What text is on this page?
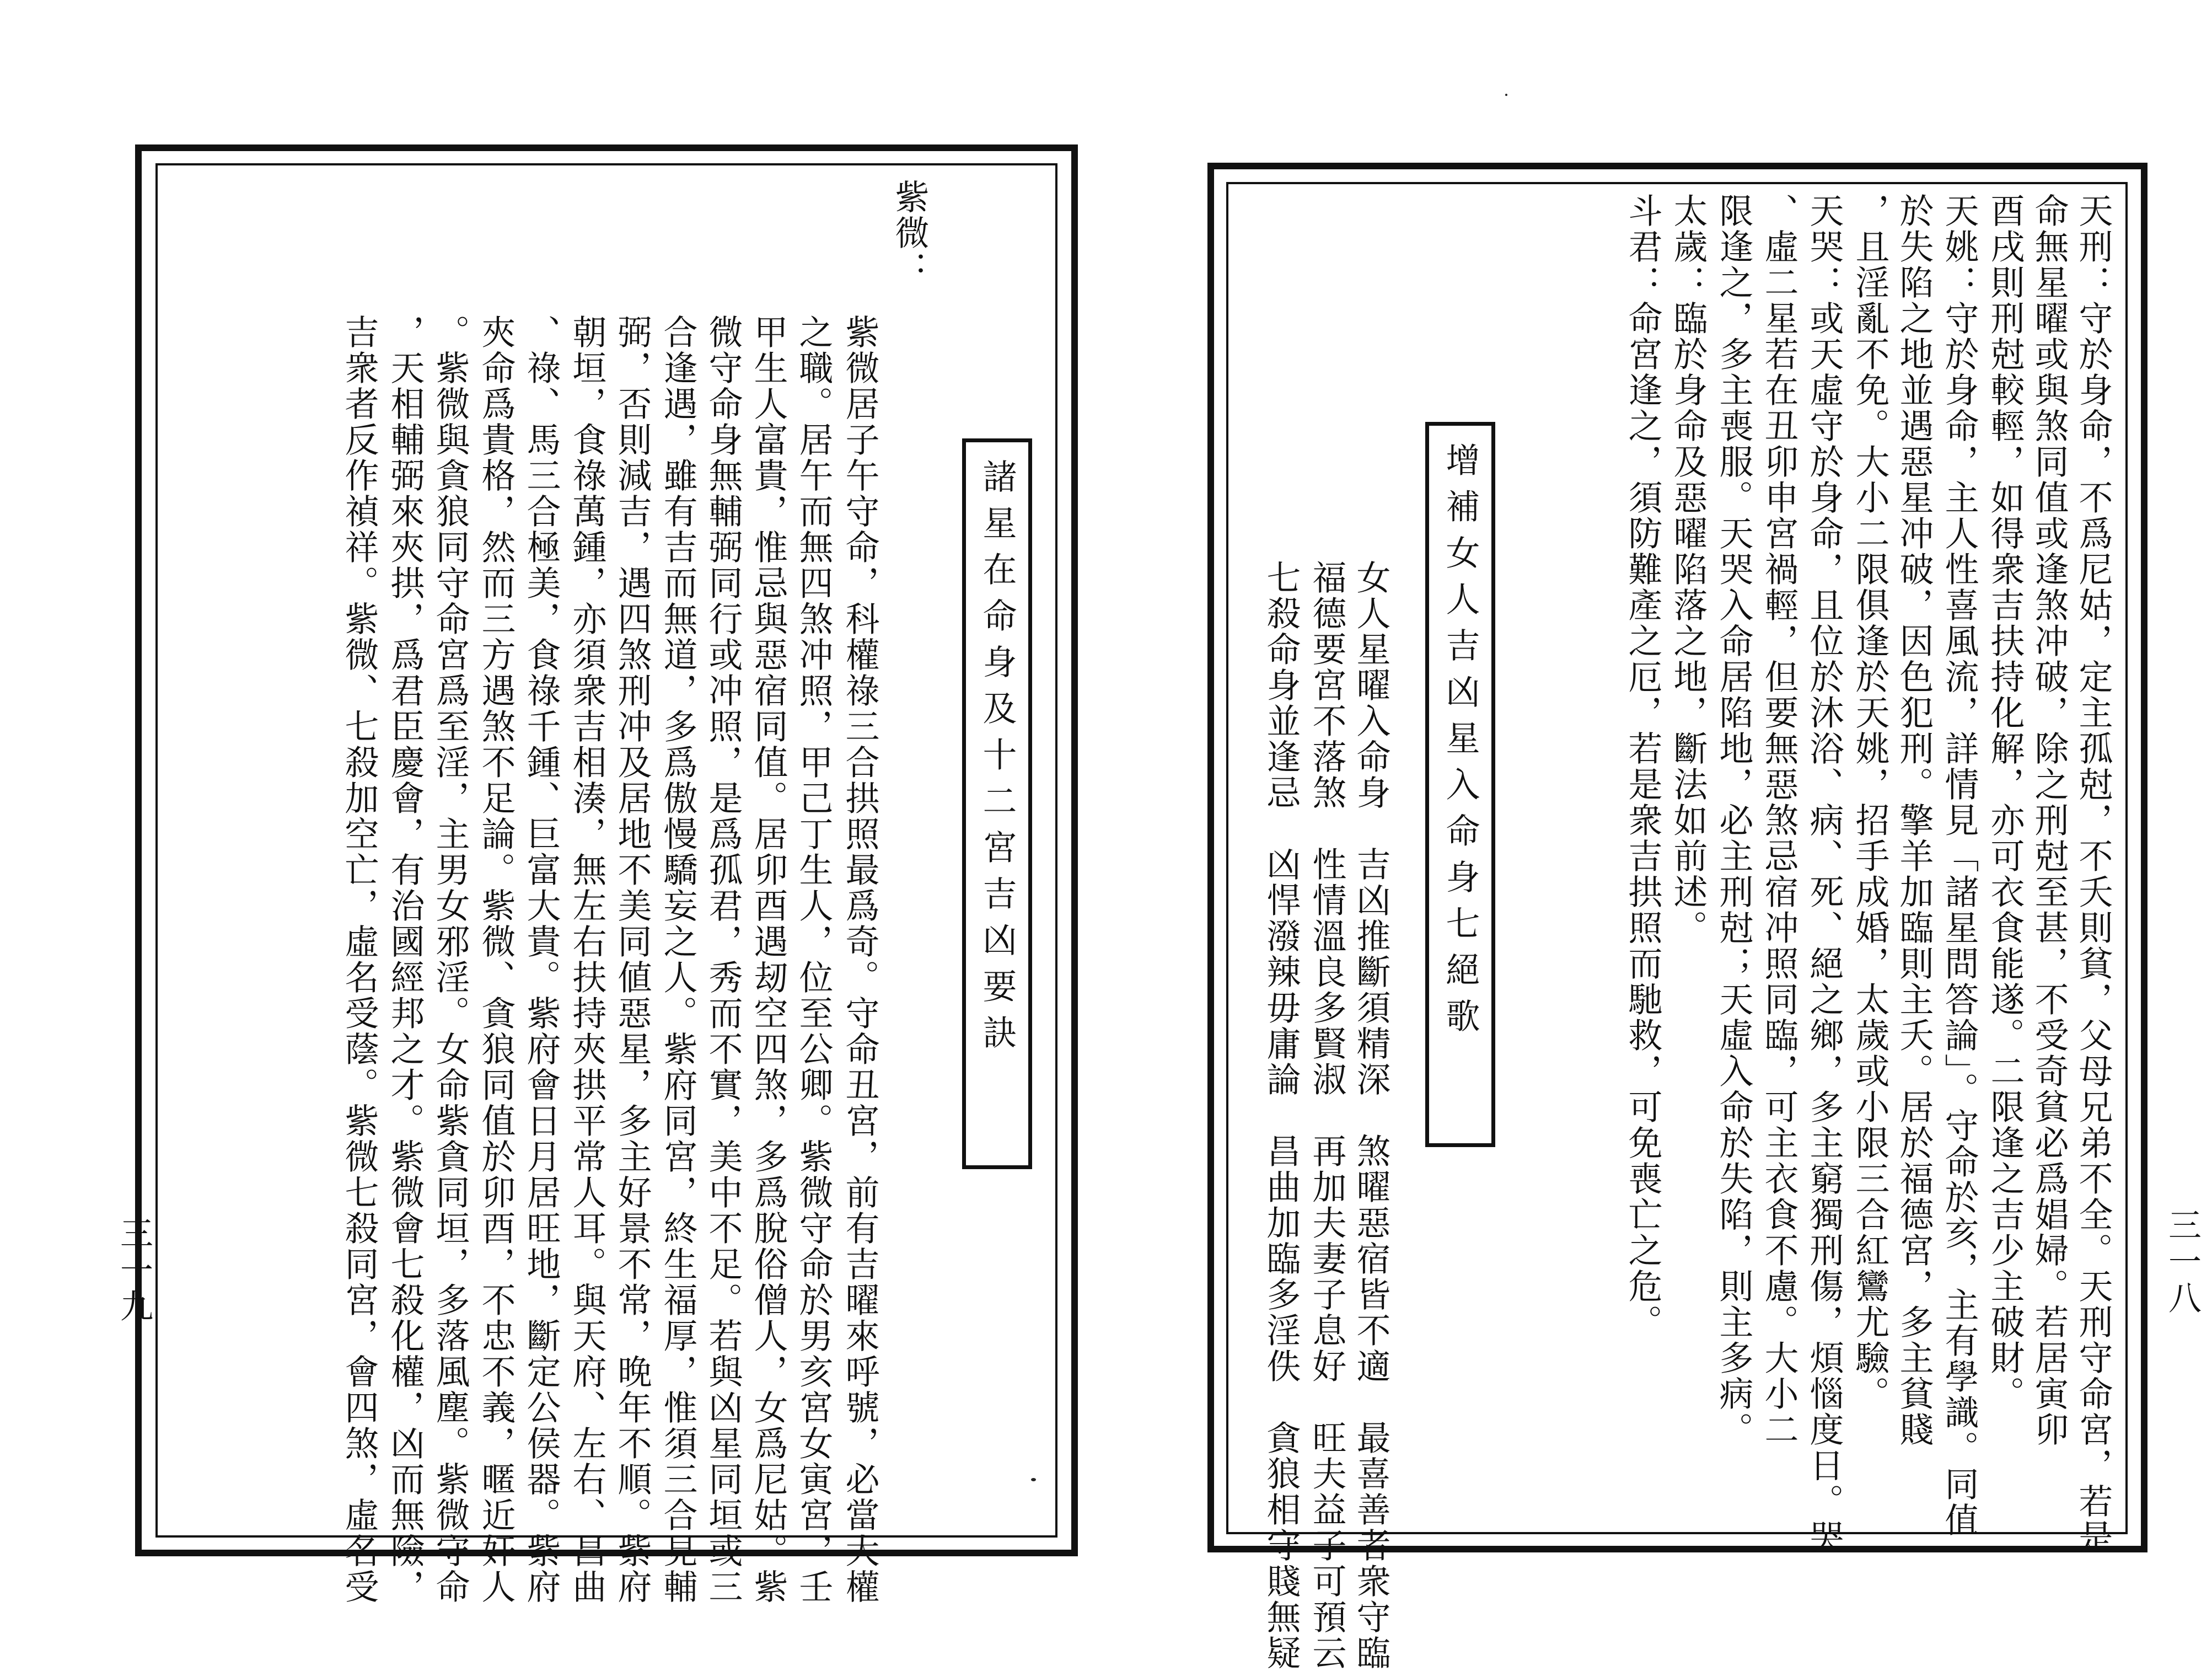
天刑：守於身命，不爲尼姑，定主孤尅，不夭則貧，父母兄弟不全。天刑守命宮，若是
命無星曜或與煞同值或逢煞冲破，除之刑尅至甚，不受奇貧必爲娼婦。若居寅卯
酉戌則刑尅較輕，如得衆吉扶持化解，亦可衣食能遂。二限逢之吉少主破財。
天姚：守於身命，主人性喜風流，詳情見「諸星問答論」。守命於亥，主有學識。同值
於失陷之地並遇惡星冲破，因色犯刑。擎羊加臨則主夭。居於福德宮，多主貧賤
，且淫亂不免。大小二限俱逢於天姚，招手成婚，太歲或小限三合紅鸞尤驗。
天哭：或天虛守於身命，且位於沐浴、病、死、絕之鄉，多主窮獨刑傷，煩惱度日。哭
、虛二星若在丑卯申宮禍輕，但要無惡煞忌宿冲照同臨，可主衣食不慮。大小二
限逢之，多主喪服。天哭入命居陷地，必主刑尅；天虛入命於失陷，則主多病。
太歲：臨於身命及惡曜陷落之地，斷法如前述。
斗君：命宮逢之，須防難產之厄，若是衆吉拱照而馳救，可免喪亡之危。
增補女人吉凶星入命身七絕歌
女人星曜入命身　吉凶推斷須精深　煞曜惡宿皆不適　最喜善者衆守臨
福德要宮不落煞　性情溫良多賢淑　再加夫妻子息好　旺夫益子可預云
七殺命身並逢忌　凶悍潑辣毋庸論　昌曲加臨多淫佚　貪狼相守賤無疑	三一八
紫微：
諸星在命身及十二宮吉凶要訣
紫微居子午守命，科權祿三合拱照最爲奇。守命丑宮，前有吉曜來呼號，必當大權
之職。居午而無四煞冲照，甲己丁生人，位至公卿。紫微守命於男亥宮女寅宮，壬
甲生人富貴，惟忌與惡宿同值。居卯酉遇刼空四煞，多爲脫俗僧人，女爲尼姑。紫
微守命身無輔弼同行或冲照，是爲孤君，秀而不實，美中不足。若與凶星同垣或三
合逢遇，雖有吉而無道，多爲傲慢驕妄之人。紫府同宮，終生福厚，惟須三合見輔
弼，否則減吉，遇四煞刑冲及居地不美同値惡星，多主好景不常，晚年不順。紫府
朝垣，食祿萬鍾，亦須衆吉相湊，無左右扶持夾拱平常人耳。與天府、左右、昌曲
、祿、馬三合極美，食祿千鍾、巨富大貴。紫府會日月居旺地，斷定公侯器。紫府
夾命爲貴格，然而三方遇煞不足論。紫微、貪狼同值於卯酉，不忠不義，暱近奸人
。紫微與貪狼同守命宮爲至淫，主男女邪淫。女命紫貪同垣，多落風塵。紫微守命
，天相輔弼來夾拱，爲君臣慶會，有治國經邦之才。紫微會七殺化權，凶而無險，
吉衆者反作禎祥。紫微、七殺加空亡，虛名受蔭。紫微七殺同宮，會四煞，虛名受
三一九
